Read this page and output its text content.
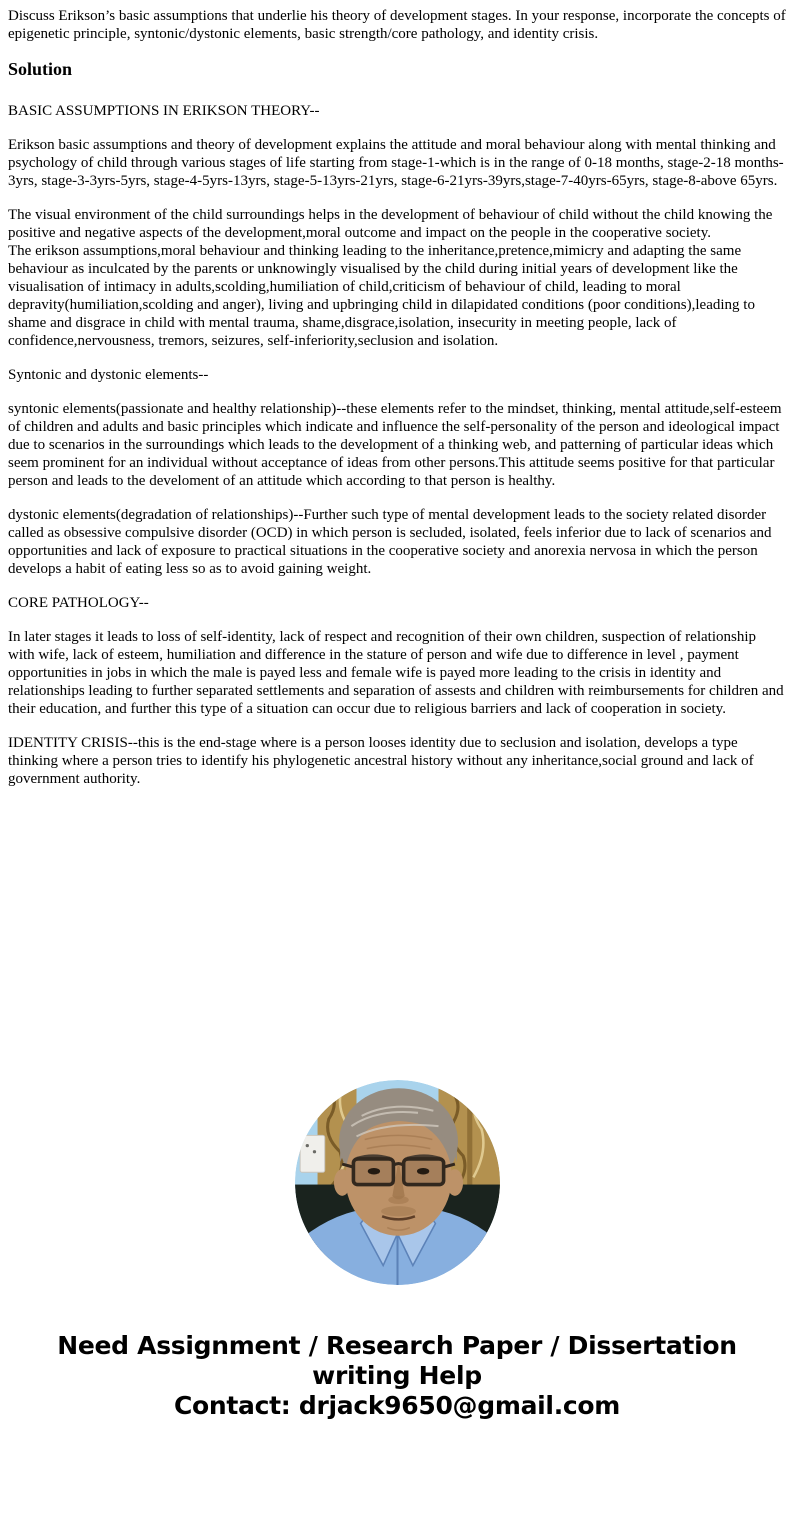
Discuss Erikson’s basic assumptions that underlie his theory of development stages. In your response, incorporate the concepts of epigenetic principle, syntonic/dystonic elements, basic strength/core pathology, and identity crisis.

Solution

BASIC ASSUMPTIONS IN ERIKSON THEORY--

Erikson basic assumptions and theory of development explains the attitude and moral behaviour along with mental thinking and psychology of child through various stages of life starting from stage-1-which is in the range of 0-18 months, stage-2-18 months-3yrs, stage-3-3yrs-5yrs, stage-4-5yrs-13yrs, stage-5-13yrs-21yrs, stage-6-21yrs-39yrs,stage-7-40yrs-65yrs, stage-8-above 65yrs.

The visual environment of the child surroundings helps in the development of behaviour of child without the child knowing the positive and negative aspects of the development,moral outcome and impact on the people in the cooperative society.

The erikson assumptions,moral behaviour and thinking leading to the inheritance,pretence,mimicry and adapting the same behaviour as inculcated by the parents or unknowingly visualised by the child during initial years of development like the visualisation of intimacy in adults,scolding,humiliation of child,criticism of behaviour of child, leading to moral depravity(humiliation,scolding and anger), living and upbringing child in dilapidated conditions (poor conditions),leading to shame and disgrace in child with mental trauma, shame,disgrace,isolation, insecurity in meeting people, lack of confidence,nervousness, tremors, seizures, self-inferiority,seclusion and isolation.

Syntonic and dystonic elements--

syntonic elements(passionate and healthy relationship)--these elements refer to the mindset, thinking, mental attitude,self-esteem of children and adults and basic principles which indicate and influence the self-personality of the person and ideological impact due to scenarios in the surroundings which leads to the development of a thinking web, and patterning of particular ideas which seem prominent for an individual without acceptance of ideas from other persons.This attitude seems positive for that particular person and leads to the develoment of an attitude which according to that person is healthy.

dystonic elements(degradation of relationships)--Further such type of mental development leads to the society related disorder called as obsessive compulsive disorder (OCD) in which person is secluded, isolated, feels inferior due to lack of scenarios and opportunities and lack of exposure to practical situations in the cooperative society and anorexia nervosa in which the person develops a habit of eating less so as to avoid gaining weight.

CORE PATHOLOGY--

In later stages it leads to loss of self-identity, lack of respect and recognition of their own children, suspection of relationship with wife, lack of esteem, humiliation and difference in the stature of person and wife due to difference in level , payment opportunities in jobs in which the male is payed less and female wife is payed more leading to the crisis in identity and relationships leading to further separated settlements and separation of assests and children with reimbursements for children and their education, and further this type of a situation can occur due to religious barriers and lack of cooperation in society.

IDENTITY CRISIS--this is the end-stage where is a person looses identity due to seclusion and isolation, develops a type thinking where a person tries to identify his phylogenetic ancestral history without any inheritance,social ground and lack of government authority.

Need Assignment / Research Paper / Dissertation
writing Help
Contact: drjack9650@gmail.com
